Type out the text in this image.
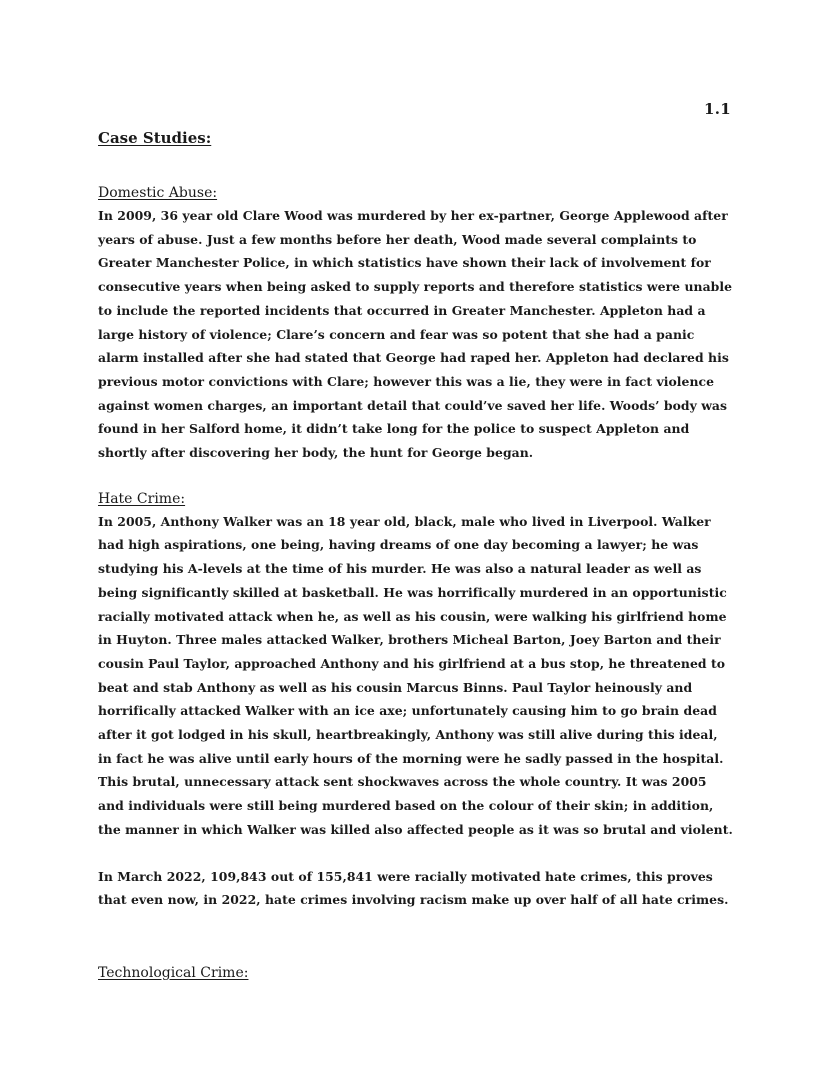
1.1
Case Studies:
Domestic Abuse:

In 2009, 36 year old Clare Wood was murdered by her ex-partner, George Applewood after years of abuse. Just a few months before her death, Wood made several complaints to Greater Manchester Police, in which statistics have shown their lack of involvement for consecutive years when being asked to supply reports and therefore statistics were unable to include the reported incidents that occurred in Greater Manchester. Appleton had a large history of violence; Clare’s concern and fear was so potent that she had a panic alarm installed after she had stated that George had raped her. Appleton had declared his previous motor convictions with Clare; however this was a lie, they were in fact violence against women charges, an important detail that could’ve saved her life. Woods’ body was found in her Salford home, it didn’t take long for the police to suspect Appleton and shortly after discovering her body, the hunt for George began.

Hate Crime:

In 2005, Anthony Walker was an 18 year old, black, male who lived in Liverpool. Walker had high aspirations, one being, having dreams of one day becoming a lawyer; he was studying his A-levels at the time of his murder. He was also a natural leader as well as being significantly skilled at basketball. He was horrifically murdered in an opportunistic racially motivated attack when he, as well as his cousin, were walking his girlfriend home in Huyton. Three males attacked Walker, brothers Micheal Barton, Joey Barton and their cousin Paul Taylor, approached Anthony and his girlfriend at a bus stop, he threatened to beat and stab Anthony as well as his cousin Marcus Binns. Paul Taylor heinously and horrifically attacked Walker with an ice axe; unfortunately causing him to go brain dead after it got lodged in his skull, heartbreakingly, Anthony was still alive during this ideal, in fact he was alive until early hours of the morning were he sadly passed in the hospital. This brutal, unnecessary attack sent shockwaves across the whole country. It was 2005 and individuals were still being murdered based on the colour of their skin; in addition, the manner in which Walker was killed also affected people as it was so brutal and violent.

In March 2022, 109,843 out of 155,841 were racially motivated hate crimes, this proves that even now, in 2022, hate crimes involving racism make up over half of all hate crimes.

Technological Crime:
